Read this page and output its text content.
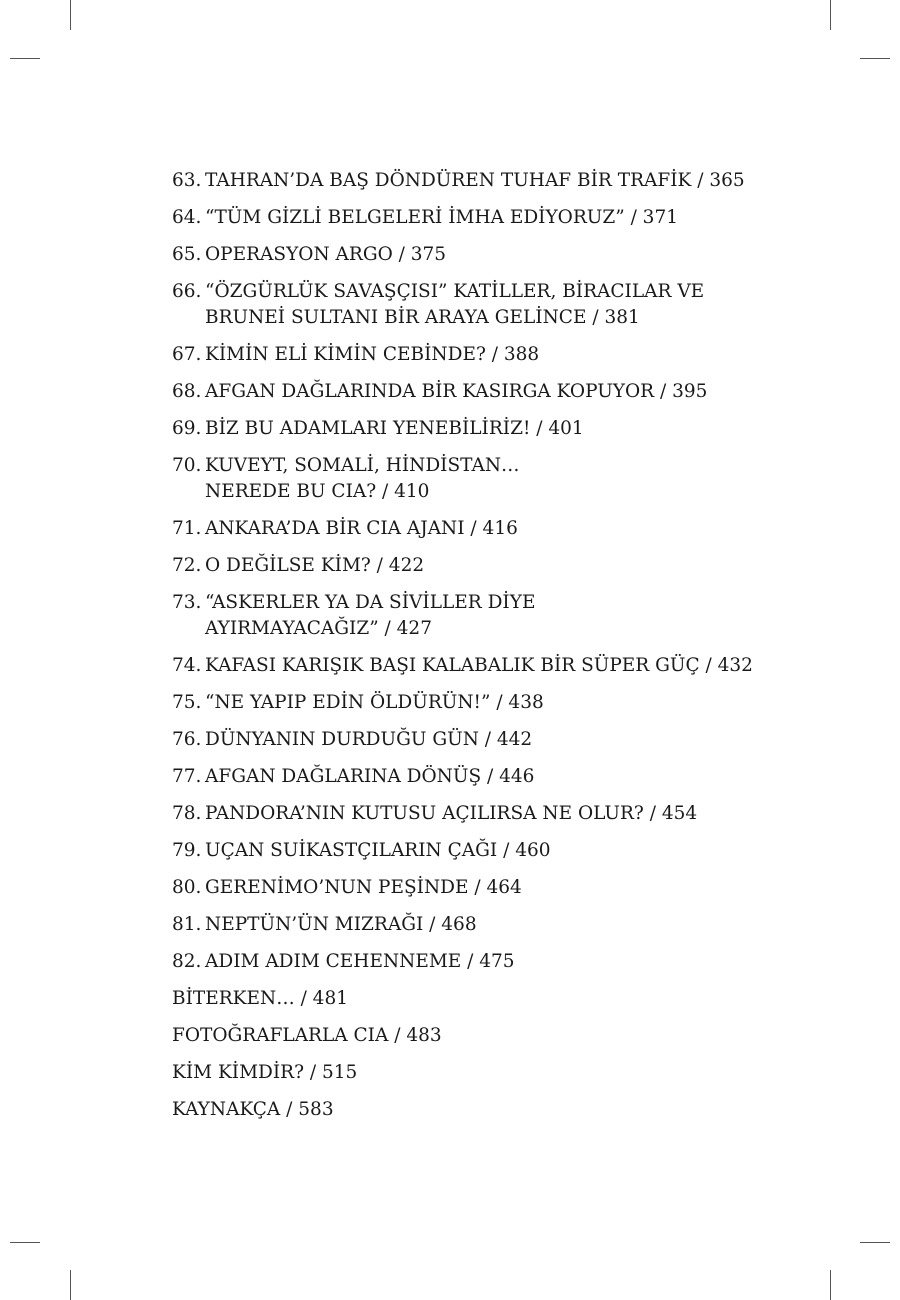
63. TAHRAN’DA BAŞ DÖNDÜREN TUHAF BİR TRAFİK / 365
64. “TÜM GİZLİ BELGELERİ İMHA EDİYORUZ” / 371
65. OPERASYON ARGO / 375
66. “ÖZGÜRLÜK SAVAŞÇISI” KATİLLER, BİRACILAR VE
BRUNEİ SULTANI BİR ARAYA GELİNCE / 381
67. KİMİN ELİ KİMİN CEBİNDE? / 388
68. AFGAN DAĞLARINDA BİR KASIRGA KOPUYOR / 395
69. BİZ BU ADAMLARI YENEBİLİRİZ! / 401
70. KUVEYT, SOMALİ, HİNDİSTAN…
NEREDE BU CIA? / 410
71. ANKARA’DA BİR CIA AJANI / 416
72. O DEĞİLSE KİM? / 422
73. “ASKERLER YA DA SİVİLLER DİYE
AYIRMAYACAĞIZ” / 427
74. KAFASI KARIŞIK BAŞI KALABALIK BİR SÜPER GÜÇ / 432
75. “NE YAPIP EDİN ÖLDÜRÜN!” / 438
76. DÜNYANIN DURDUĞU GÜN / 442
77. AFGAN DAĞLARINA DÖNÜŞ / 446
78. PANDORA’NIN KUTUSU AÇILIRSA NE OLUR? / 454
79. UÇAN SUİKASTÇILARIN ÇAĞI / 460
80. GERENİMO’NUN PEŞİNDE / 464
81. NEPTÜN’ÜN MIZRAĞI / 468
82. ADIM ADIM CEHENNEME / 475
BİTERKEN… / 481
FOTOĞRAFLARLA CIA / 483
KİM KİMDİR? / 515
KAYNAKÇA / 583
